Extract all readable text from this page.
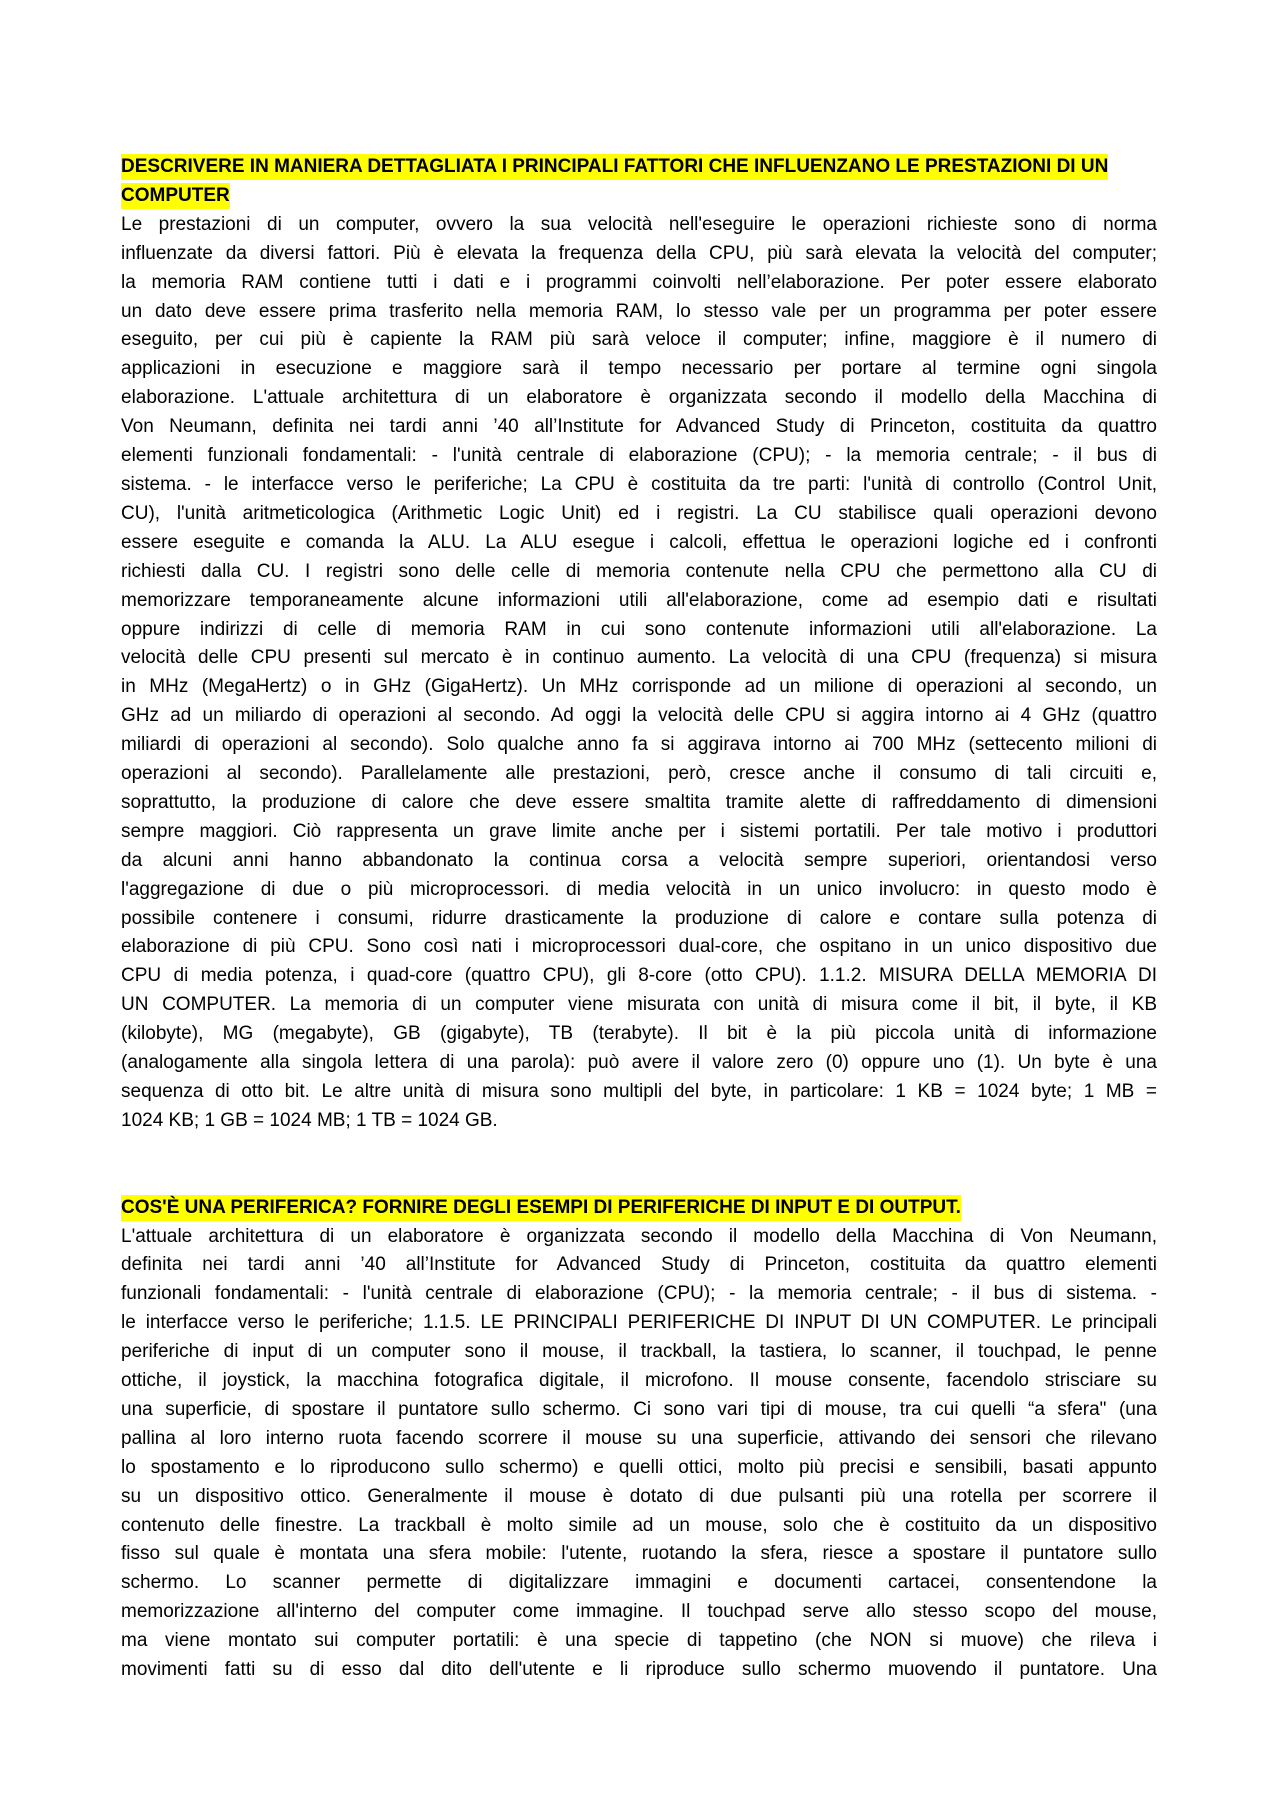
DESCRIVERE IN MANIERA DETTAGLIATA I PRINCIPALI FATTORI CHE INFLUENZANO LE PRESTAZIONI DI UN COMPUTER
Le prestazioni di un computer, ovvero la sua velocità nell'eseguire le operazioni richieste sono di norma
influenzate da diversi fattori. Più è elevata la frequenza della CPU, più sarà elevata la velocità del computer;
la memoria RAM contiene tutti i dati e i programmi coinvolti nell’elaborazione. Per poter essere elaborato
un dato deve essere prima trasferito nella memoria RAM, lo stesso vale per un programma per poter essere
eseguito, per cui più è capiente la RAM più sarà veloce il computer; infine, maggiore è il numero di
applicazioni in esecuzione e maggiore sarà il tempo necessario per portare al termine ogni singola
elaborazione. L'attuale architettura di un elaboratore è organizzata secondo il modello della Macchina di
Von Neumann, definita nei tardi anni ’40 all’Institute for Advanced Study di Princeton, costituita da quattro
elementi funzionali fondamentali: - l'unità centrale di elaborazione (CPU); - la memoria centrale; - il bus di
sistema. - le interfacce verso le periferiche; La CPU è costituita da tre parti: l'unità di controllo (Control Unit,
CU), l'unità aritmeticologica (Arithmetic Logic Unit) ed i registri. La CU stabilisce quali operazioni devono
essere eseguite e comanda la ALU. La ALU esegue i calcoli, effettua le operazioni logiche ed i confronti
richiesti dalla CU. I registri sono delle celle di memoria contenute nella CPU che permettono alla CU di
memorizzare temporaneamente alcune informazioni utili all'elaborazione, come ad esempio dati e risultati
oppure indirizzi di celle di memoria RAM in cui sono contenute informazioni utili all'elaborazione. La
velocità delle CPU presenti sul mercato è in continuo aumento. La velocità di una CPU (frequenza) si misura
in MHz (MegaHertz) o in GHz (GigaHertz). Un MHz corrisponde ad un milione di operazioni al secondo, un
GHz ad un miliardo di operazioni al secondo. Ad oggi la velocità delle CPU si aggira intorno ai 4 GHz (quattro
miliardi di operazioni al secondo). Solo qualche anno fa si aggirava intorno ai 700 MHz (settecento milioni di
operazioni al secondo). Parallelamente alle prestazioni, però, cresce anche il consumo di tali circuiti e,
soprattutto, la produzione di calore che deve essere smaltita tramite alette di raffreddamento di dimensioni
sempre maggiori. Ciò rappresenta un grave limite anche per i sistemi portatili. Per tale motivo i produttori
da alcuni anni hanno abbandonato la continua corsa a velocità sempre superiori, orientandosi verso
l'aggregazione di due o più microprocessori. di media velocità in un unico involucro: in questo modo è
possibile contenere i consumi, ridurre drasticamente la produzione di calore e contare sulla potenza di
elaborazione di più CPU. Sono così nati i microprocessori dual-core, che ospitano in un unico dispositivo due
CPU di media potenza, i quad-core (quattro CPU), gli 8-core (otto CPU). 1.1.2. MISURA DELLA MEMORIA DI
UN COMPUTER. La memoria di un computer viene misurata con unità di misura come il bit, il byte, il KB
(kilobyte), MG (megabyte), GB (gigabyte), TB (terabyte). Il bit è la più piccola unità di informazione
(analogamente alla singola lettera di una parola): può avere il valore zero (0) oppure uno (1). Un byte è una
sequenza di otto bit. Le altre unità di misura sono multipli del byte, in particolare: 1 KB = 1024 byte; 1 MB =
1024 KB; 1 GB = 1024 MB; 1 TB = 1024 GB.
COS'È UNA PERIFERICA? FORNIRE DEGLI ESEMPI DI PERIFERICHE DI INPUT E DI OUTPUT.
L'attuale architettura di un elaboratore è organizzata secondo il modello della Macchina di Von Neumann,
definita nei tardi anni ’40 all’Institute for Advanced Study di Princeton, costituita da quattro elementi
funzionali fondamentali: - l'unità centrale di elaborazione (CPU); - la memoria centrale; - il bus di sistema. -
le interfacce verso le periferiche; 1.1.5. LE PRINCIPALI PERIFERICHE DI INPUT DI UN COMPUTER. Le principali
periferiche di input di un computer sono il mouse, il trackball, la tastiera, lo scanner, il touchpad, le penne
ottiche, il joystick, la macchina fotografica digitale, il microfono. Il mouse consente, facendolo strisciare su
una superficie, di spostare il puntatore sullo schermo. Ci sono vari tipi di mouse, tra cui quelli “a sfera" (una
pallina al loro interno ruota facendo scorrere il mouse su una superficie, attivando dei sensori che rilevano
lo spostamento e lo riproducono sullo schermo) e quelli ottici, molto più precisi e sensibili, basati appunto
su un dispositivo ottico. Generalmente il mouse è dotato di due pulsanti più una rotella per scorrere il
contenuto delle finestre. La trackball è molto simile ad un mouse, solo che è costituito da un dispositivo
fisso sul quale è montata una sfera mobile: l'utente, ruotando la sfera, riesce a spostare il puntatore sullo
schermo. Lo scanner permette di digitalizzare immagini e documenti cartacei, consentendone la
memorizzazione all'interno del computer come immagine. Il touchpad serve allo stesso scopo del mouse,
ma viene montato sui computer portatili: è una specie di tappetino (che NON si muove) che rileva i
movimenti fatti su di esso dal dito dell'utente e li riproduce sullo schermo muovendo il puntatore. Una
